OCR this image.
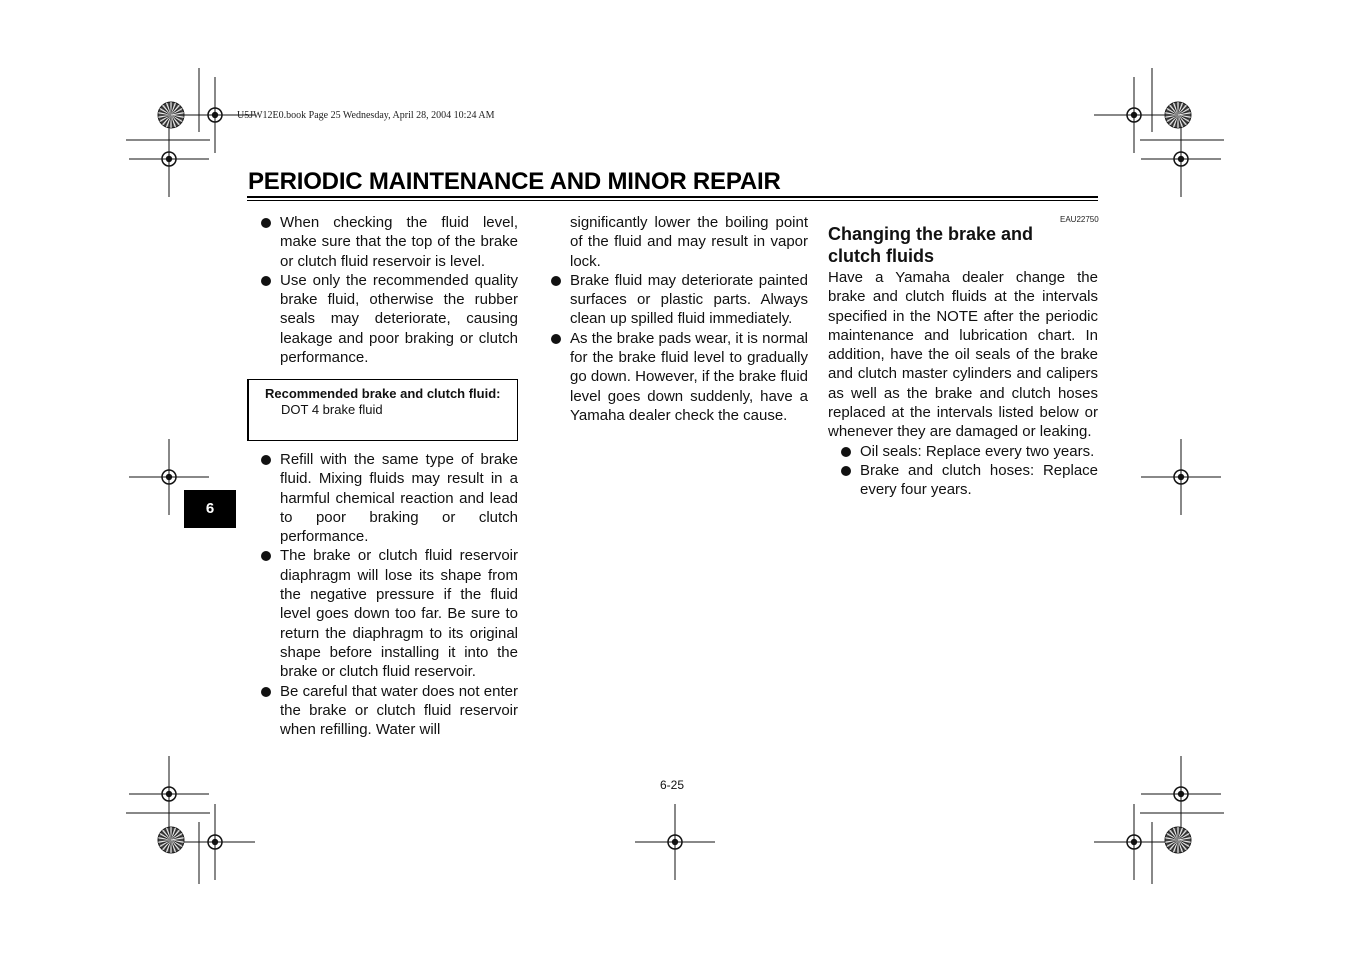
U5JW12E0.book Page 25 Wednesday, April 28, 2004 10:24 AM
PERIODIC MAINTENANCE AND MINOR REPAIR
6
When checking the fluid level, make sure that the top of the brake or clutch fluid reservoir is level.
Use only the recommended quality brake fluid, otherwise the rubber seals may deteriorate, causing leakage and poor braking or clutch performance.
Recommended brake and clutch fluid:
DOT 4 brake fluid
Refill with the same type of brake fluid. Mixing fluids may result in a harmful chemical reaction and lead to poor braking or clutch performance.
The brake or clutch fluid reservoir diaphragm will lose its shape from the negative pressure if the fluid level goes down too far. Be sure to return the diaphragm to its original shape before installing it into the brake or clutch fluid reservoir.
Be careful that water does not enter the brake or clutch fluid reservoir when refilling. Water will

significantly lower the boiling point of the fluid and may result in vapor lock.

Brake fluid may deteriorate painted surfaces or plastic parts. Always clean up spilled fluid immediately.
As the brake pads wear, it is normal for the brake fluid level to gradually go down. However, if the brake fluid level goes down suddenly, have a Yamaha dealer check the cause.
EAU22750
Changing the brake and clutch fluids

Have a Yamaha dealer change the brake and clutch fluids at the intervals specified in the NOTE after the periodic maintenance and lubrication chart. In addition, have the oil seals of the brake and clutch master cylinders and calipers as well as the brake and clutch hoses replaced at the intervals listed below or whenever they are damaged or leaking.

Oil seals: Replace every two years.
Brake and clutch hoses: Replace every four years.
6-25
